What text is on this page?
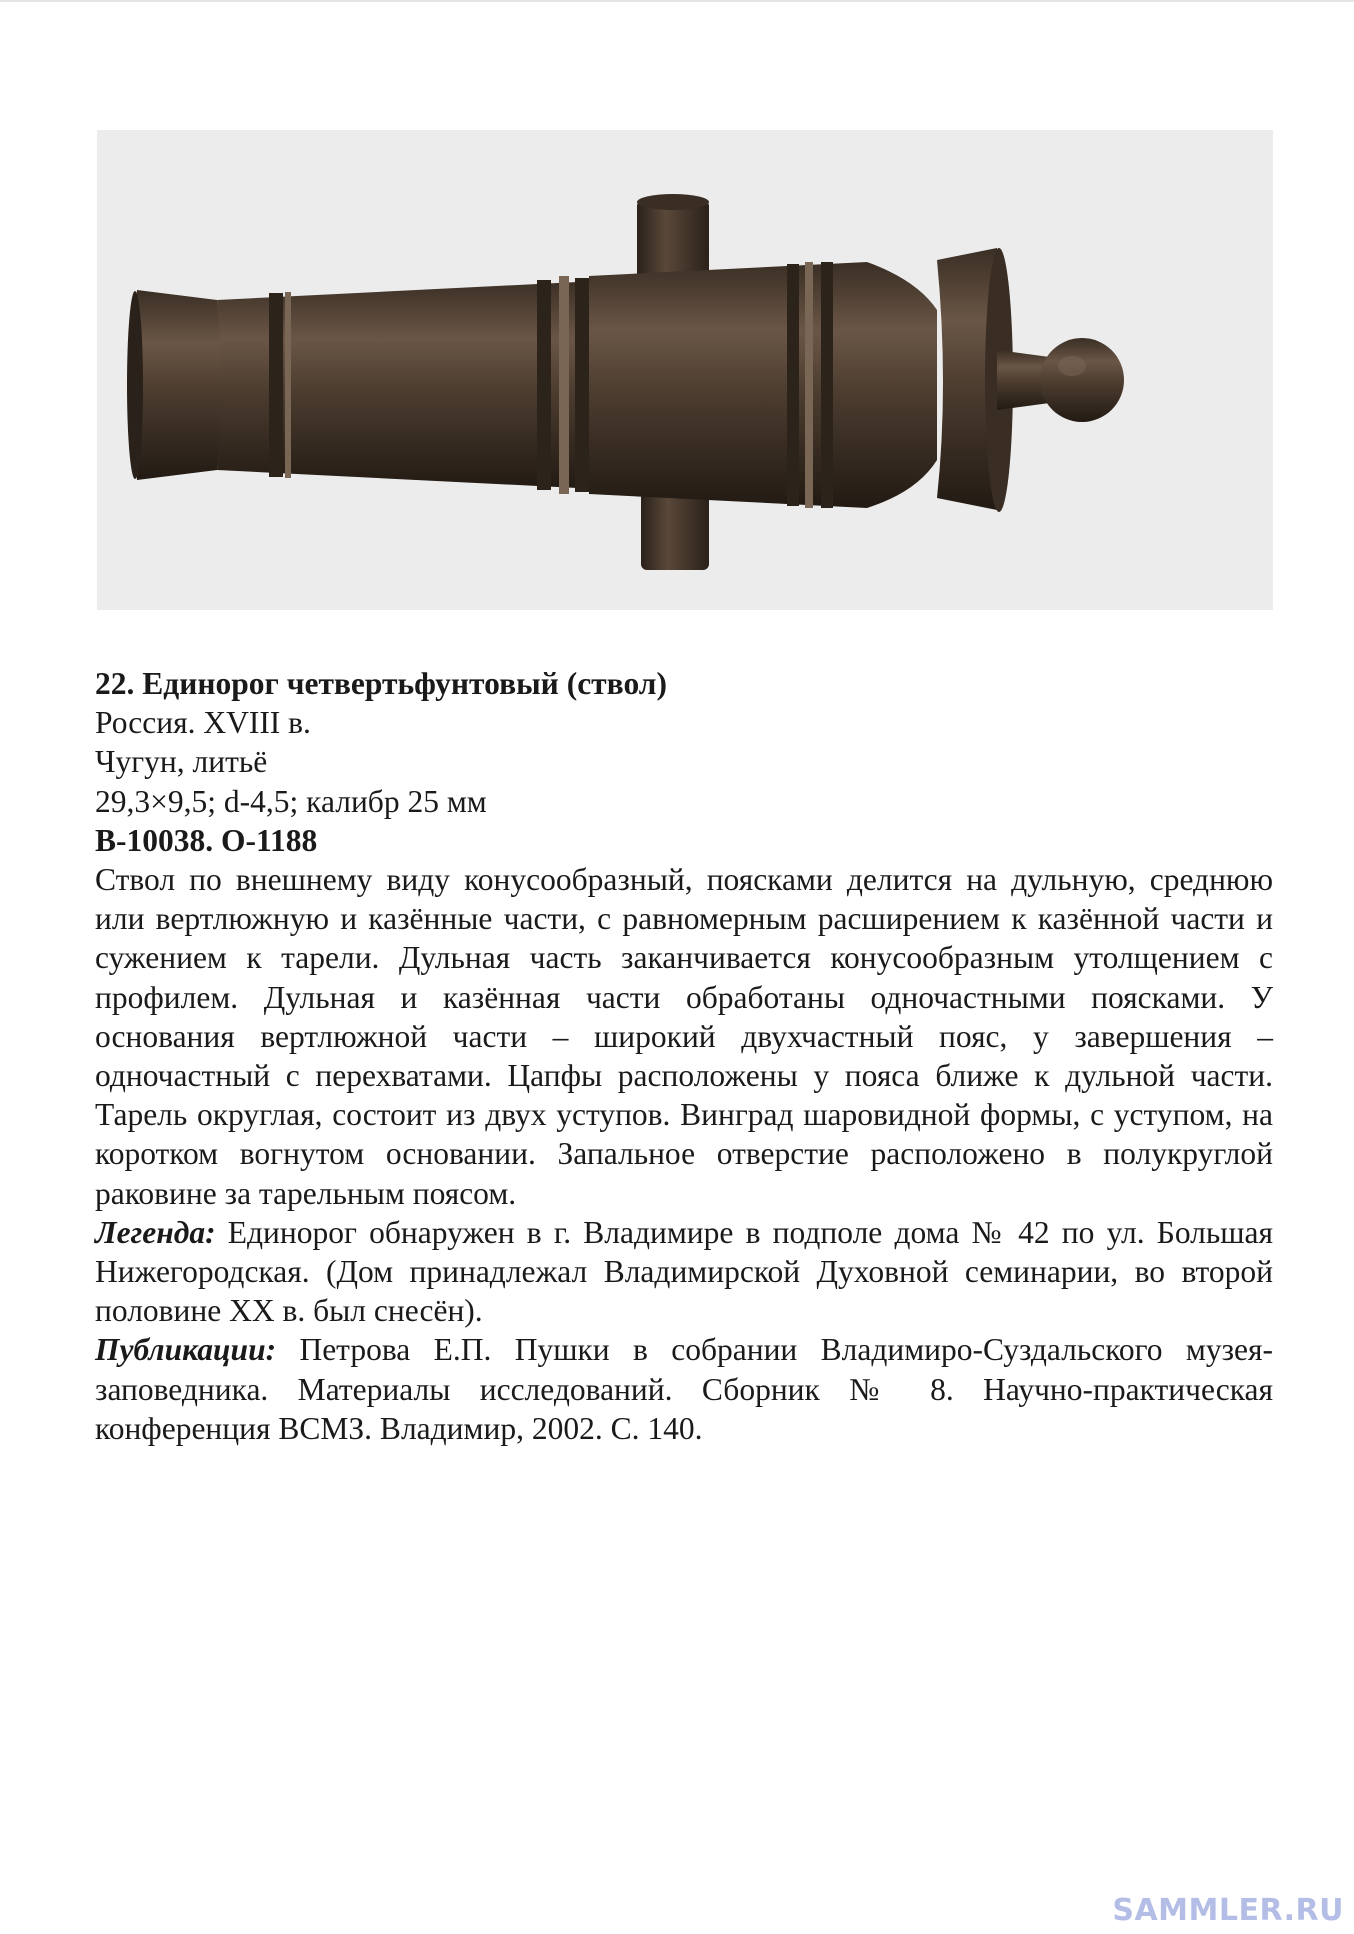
22. Единорог четвертьфунтовый (ствол)

Россия. XVIII в.

Чугун, литьё

29,3×9,5; d-4,5; калибр 25 мм

В-10038. О-1188

Ствол по внешнему виду конусообразный, поясками делится на дульную, среднюю или вертлюжную и казённые части, с равномерным расширением к казённой части и сужением к тарели. Дульная часть заканчивается конусообразным утолщением с профилем. Дульная и казённая части обработаны одночастными поясками. У основания вертлюжной части – широкий двухчастный пояс, у завершения – одночастный с перехватами. Цапфы расположены у пояса ближе к дульной части. Тарель округлая, состоит из двух уступов. Винград шаровидной формы, с уступом, на коротком вогнутом основании. Запальное отверстие расположено в полукруглой раковине за тарельным поясом.

Легенда: Единорог обнаружен в г. Владимире в подполе дома № 42 по ул. Большая Нижегородская. (Дом принадлежал Владимирской Духовной семинарии, во второй половине XX в. был снесён).

Публикации: Петрова Е.П. Пушки в собрании Владимиро-Суздальского музея-заповедника. Материалы исследований. Сборник № 8. Научно-практическая конференция ВСМЗ. Владимир, 2002. С. 140.

SAMMLER.RU
